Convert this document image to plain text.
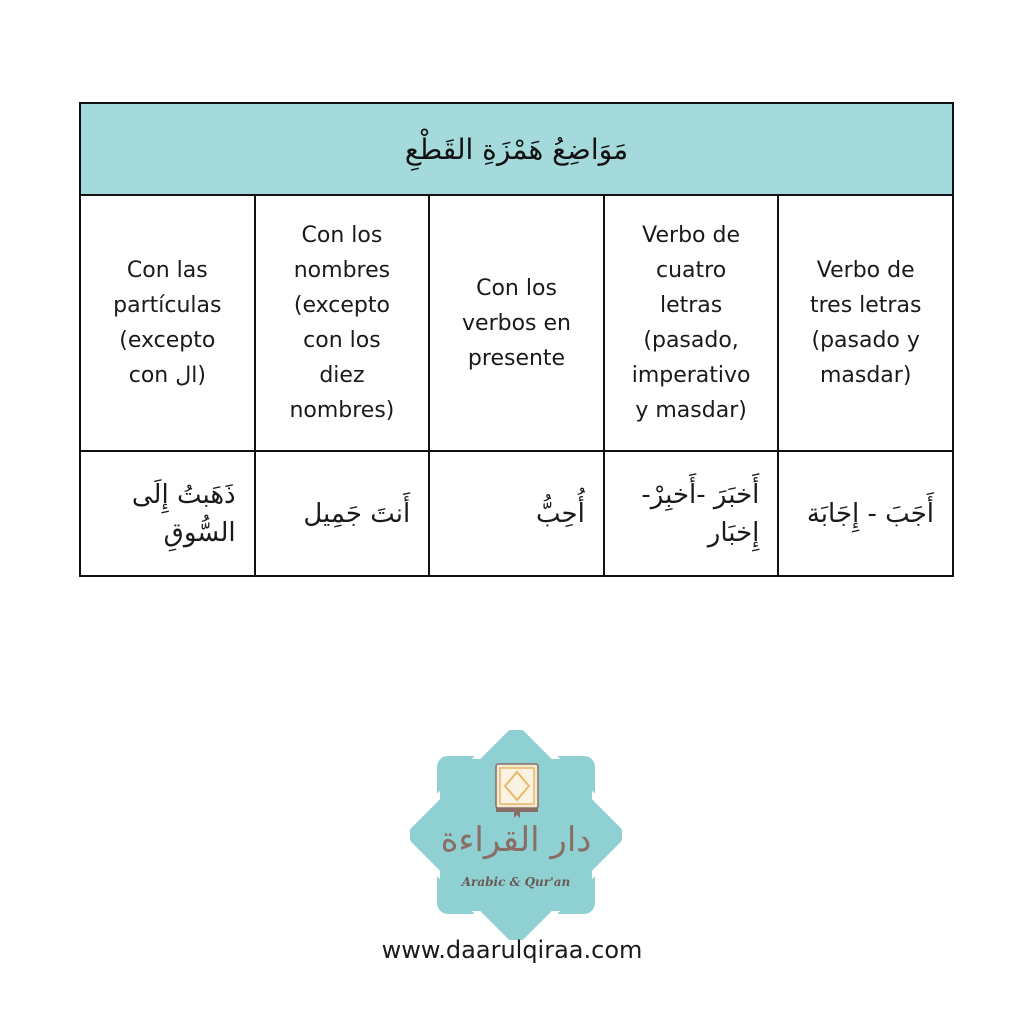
مَوَاضِعُ هَمْزَةِ القَطْعِ
Verbo de
tres letras
(pasado y
masdar)
Verbo de
cuatro
letras
(pasado,
imperativo
y masdar)
Con los
verbos en
presente
Con los
nombres
(excepto
con los
diez
nombres)
Con las
partículas
(excepto
con ال)
أَجَبَ - إِجَابَة
أَخبَرَ -أَخبِرْ-
إِخبَار
أُحِبُّ
أَنتَ جَمِيل
ذَهَبتُ إِلَى
السُّوقِ
دار القراءة
Arabic & Qur'an
www.daarulqiraa.com
